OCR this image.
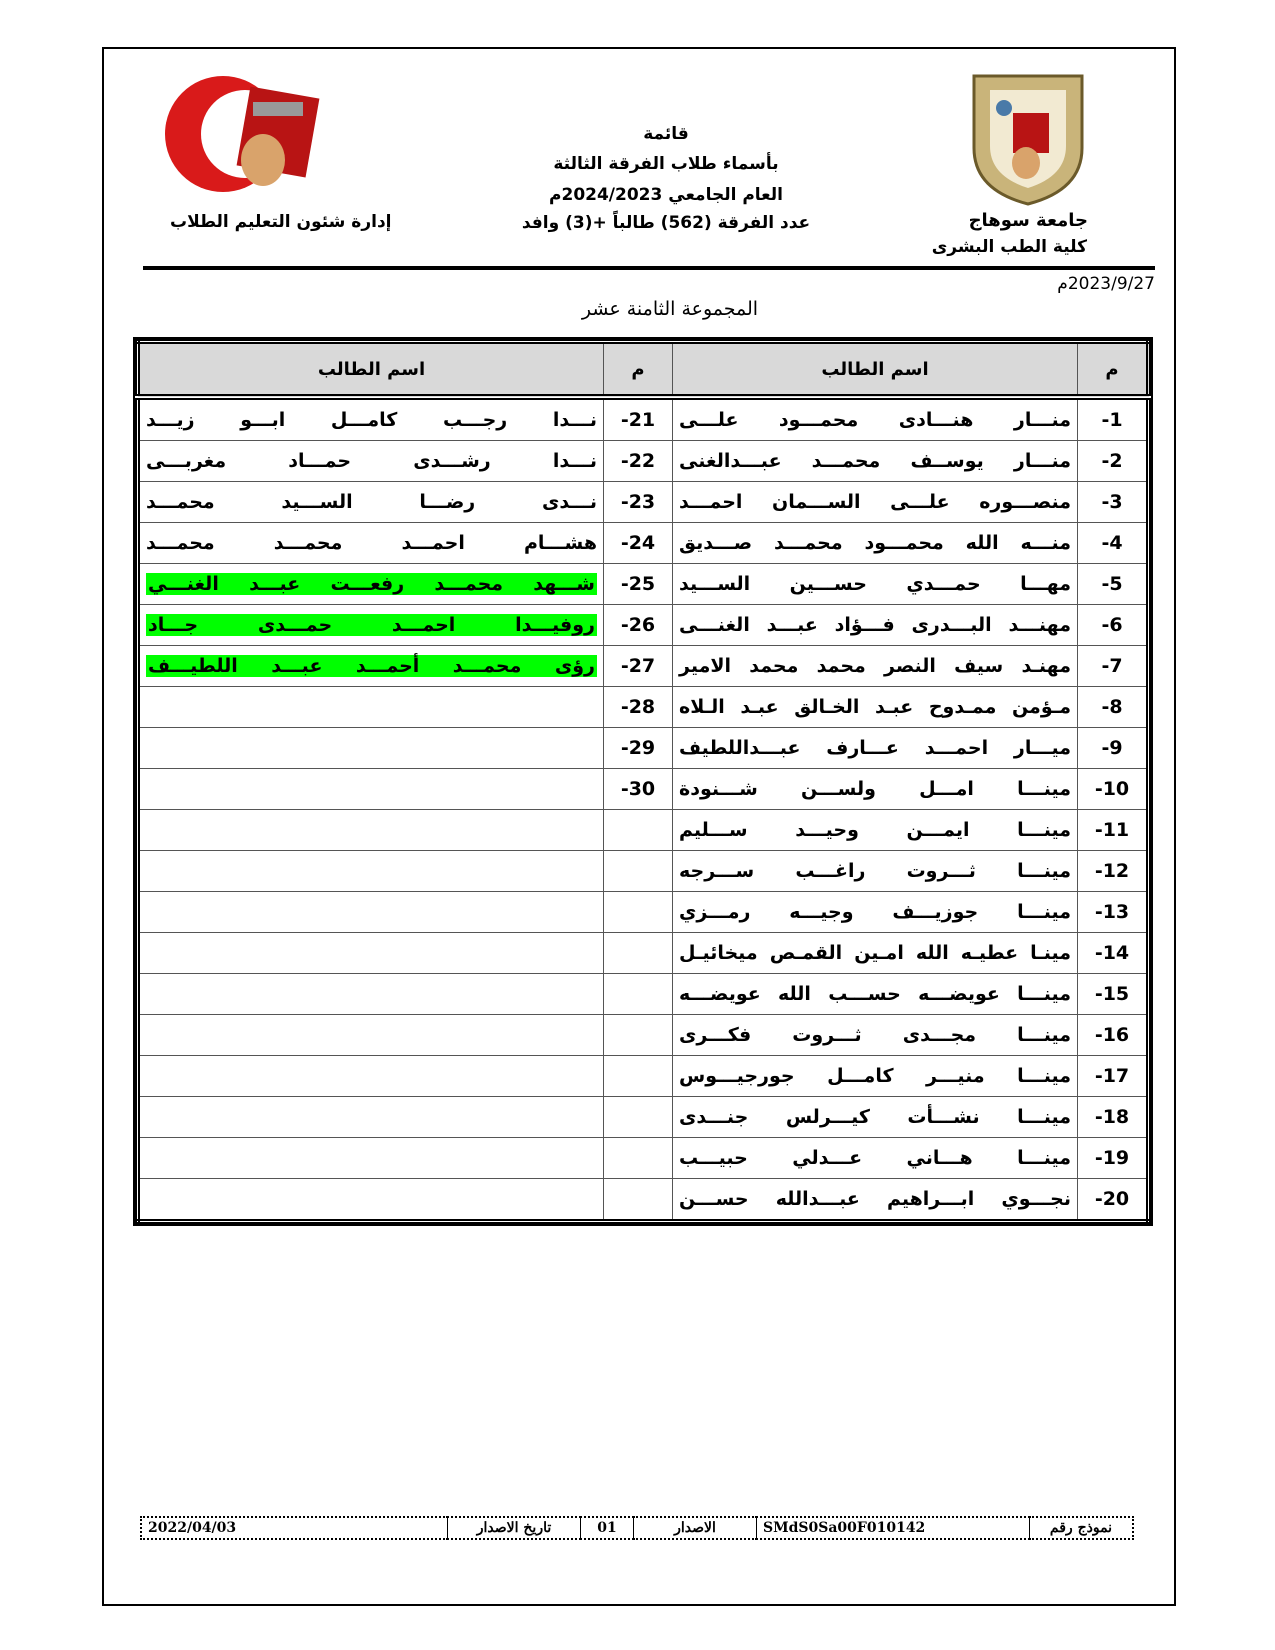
قائمة
بأسماء طلاب الفرقة الثالثة
العام الجامعي 2024/2023م
عدد الفرقة (562) طالباً +(3) وافد	جامعة سوهاج
كلية الطب البشرى
إدارة شئون التعليم الطلاب
2023/9/27م
المجموعة الثامنة عشر
م	اسم الطالب	م	اسم الطالب
-1	منـــار هنـــادى محمـــود علـــى	-21	نـــدا رجـــب كامـــل ابـــو زيـــد
-2	منـــار يوســف محمـــد عبـــدالغنى	-22	نـــدا رشـــدى حمـــاد مغربـــى
-3	منصـــوره علـــى الســـمان احمـــد	-23	نـــدى رضـــا الســـيد محمـــد
-4	منـــه الله محمـــود محمـــد صـــديق	-24	هشـــام احمـــد محمـــد محمـــد
-5	مهـــا حمـــدي حســـين الســـيد	-25	شـــهد محمـــد رفعـــت عبـــد الغنـــي

-6	مهنـــد البـــدرى فـــؤاد عبـــد الغنـــى	-26	روفيـــدا احمـــد حمـــدى جـــاد

-7	مهنـد سيف النصر محمد محمد الامير	-27	رؤى محمـــد أحمـــد عبـــد اللطيـــف

-8	مـؤمن ممـدوح عبـد الخـالق عبـد الـلاه	-28	
-9	ميـــار احمـــد عـــارف عبـــداللطيف	-29	
-10	مينـــا امـــل ولســـن شـــنودة	-30	
-11	مينـــا ايمـــن وحيـــد ســـليم		
-12	مينـــا ثـــروت راغـــب ســـرجه		
-13	مينـــا جوزيـــف وجيـــه رمـــزي		
-14	مينـا عطيـه الله امـين القمـص ميخائيـل		
-15	مينـــا عويضـــه حســـب الله عويضـــه		
-16	مينـــا مجـــدى ثـــروت فكـــرى		
-17	مينـــا منيـــر كامـــل جورجيـــوس		
-18	مينـــا نشـــأت كيـــرلس جنـــدى		
-19	مينـــا هـــاني عـــدلي حبيـــب		
-20	نجـــوي ابـــراهيم عبـــدالله حســـن		
نموذج رقم	SMdS0Sa00F010142	الاصدار	01	تاريخ الاصدار	2022/04/03
